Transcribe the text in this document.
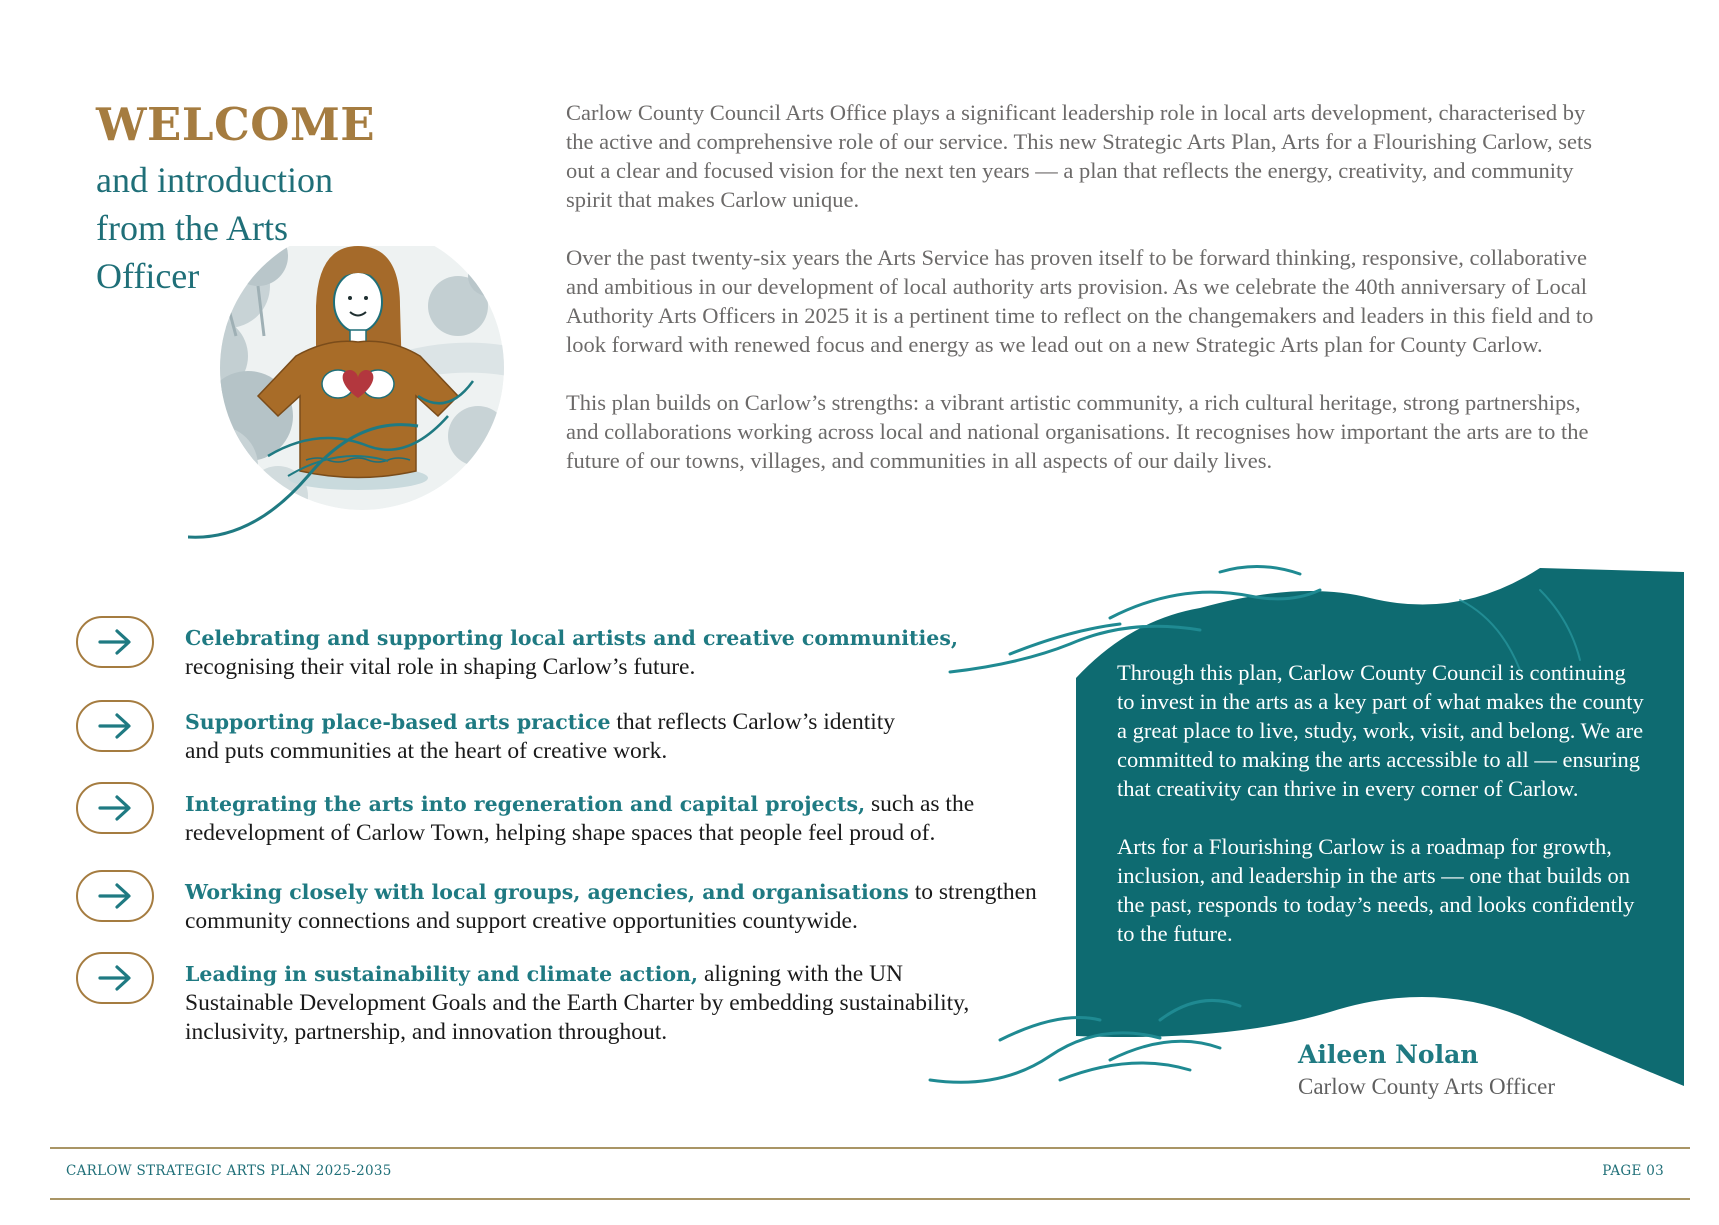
WELCOME
and introduction from the Arts Officer

Carlow County Council Arts Office plays a significant leadership role in local arts development, characterised by the active and comprehensive role of our service. This new Strategic Arts Plan, Arts for a Flourishing Carlow, sets out a clear and focused vision for the next ten years — a plan that reflects the energy, creativity, and community spirit that makes Carlow unique.

Over the past twenty-six years the Arts Service has proven itself to be forward thinking, responsive, collaborative and ambitious in our development of local authority arts provision. As we celebrate the 40th anniversary of Local Authority Arts Officers in 2025 it is a pertinent time to reflect on the changemakers and leaders in this field and to look forward with renewed focus and energy as we lead out on a new Strategic Arts plan for County Carlow.

This plan builds on Carlow’s strengths: a vibrant artistic community, a rich cultural heritage, strong partnerships, and collaborations working across local and national organisations. It recognises how important the arts are to the future of our towns, villages, and communities in all aspects of our daily lives.

Celebrating and supporting local artists and creative communities,
recognising their vital role in shaping Carlow’s future.
Supporting place-based arts practice that reflects Carlow’s identity
and puts communities at the heart of creative work.
Integrating the arts into regeneration and capital projects, such as the
redevelopment of Carlow Town, helping shape spaces that people feel proud of.
Working closely with local groups, agencies, and organisations to strengthen
community connections and support creative opportunities countywide.
Leading in sustainability and climate action, aligning with the UN
Sustainable Development Goals and the Earth Charter by embedding sustainability,
inclusivity, partnership, and innovation throughout.

Through this plan, Carlow County Council is continuing to invest in the arts as a key part of what makes the county a great place to live, study, work, visit, and belong. We are committed to making the arts accessible to all — ensuring that creativity can thrive in every corner of Carlow.

Arts for a Flourishing Carlow is a roadmap for growth, inclusion, and leadership in the arts — one that builds on the past, responds to today’s needs, and looks confidently to the future.

Aileen Nolan

Carlow County Arts Officer

CARLOW STRATEGIC ARTS PLAN 2025-2035	PAGE 03
